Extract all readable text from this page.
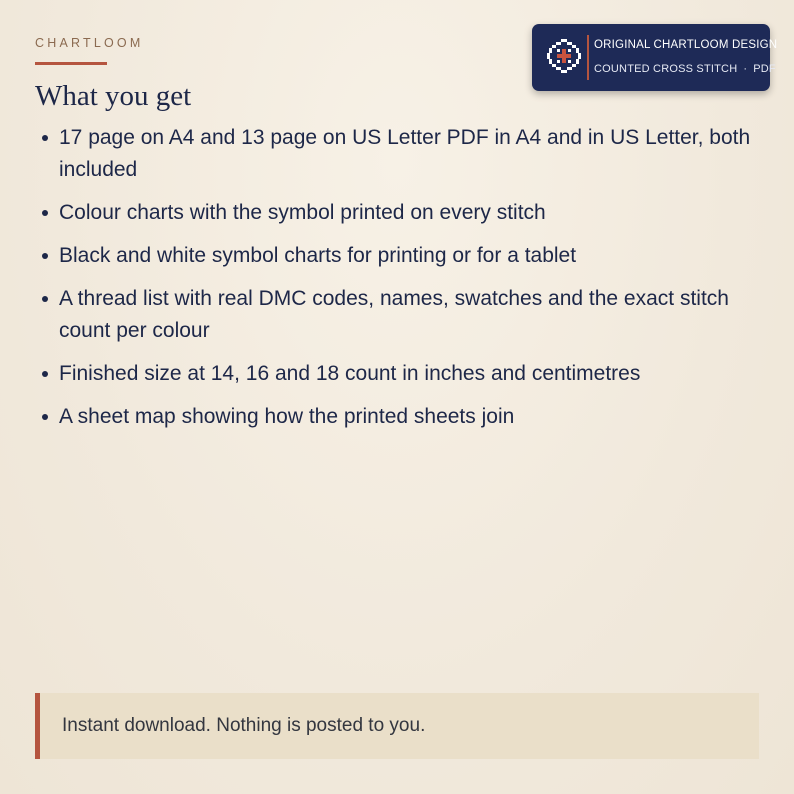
CHARTLOOM
What you get
ORIGINAL CHARTLOOM DESIGN
COUNTED CROSS STITCH · PDF
17 page on A4 and 13 page on US Letter PDF in A4 and in US Letter, both included
Colour charts with the symbol printed on every stitch
Black and white symbol charts for printing or for a tablet
A thread list with real DMC codes, names, swatches and the exact stitch count per colour
Finished size at 14, 16 and 18 count in inches and centimetres
A sheet map showing how the printed sheets join
Instant download. Nothing is posted to you.
